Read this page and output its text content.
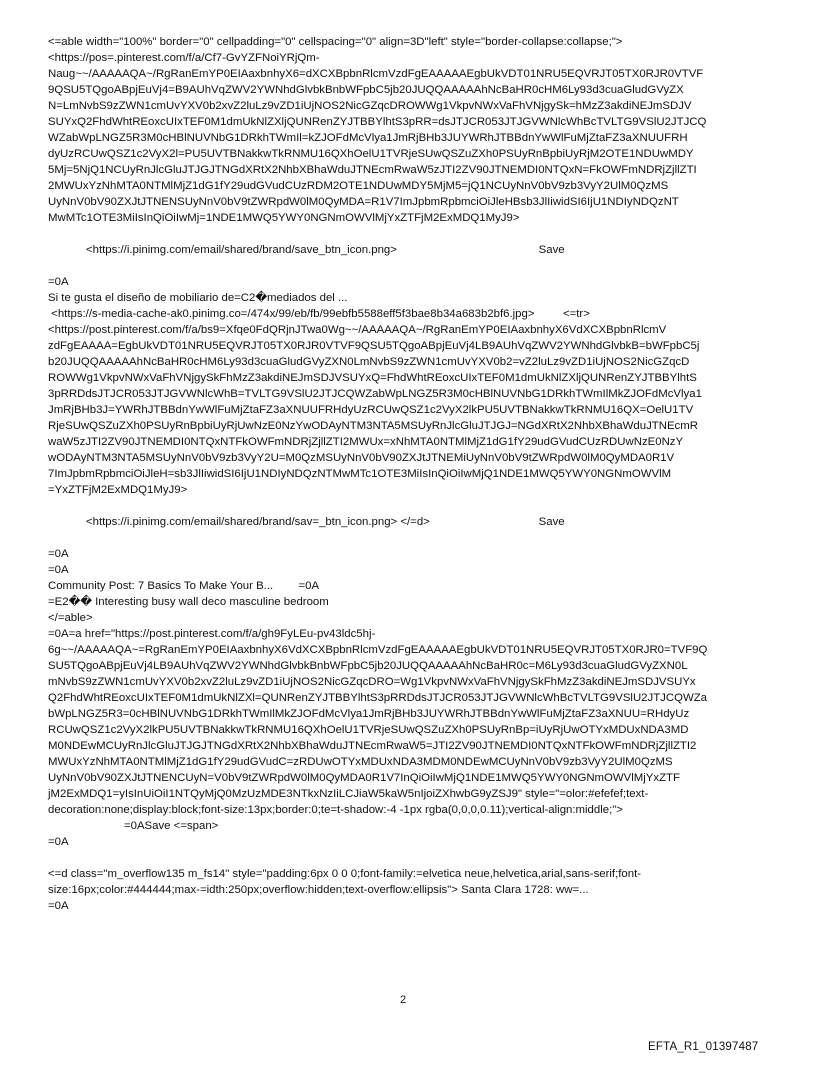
<=able width="100%" border="0" cellpadding="0" cellspacing="0" align=3D"left" style="border-collapse:collapse;">

<https://pos=.pinterest.com/f/a/Cf7-GvYZFNoiYRjQm-
Naug~~/AAAAAQA~/RgRanEmYP0EIAaxbnhyX6=dXCXBpbnRlcmVzdFgEAAAAAEgbUkVDT01NRU5EQVRJT05TX0RJR0VTVF
9QSU5TQgoABpjEuVj4=B9AUhVqZWV2YWNhdGlvbkBnbWFpbC5jb20JUQQAAAAAhNcBaHR0cHM6Ly93d3cuaGludGVyZX
N=LmNvbS9zZWN1cmUvYXV0b2xvZ2luLz9vZD1iUjNOS2NicGZqcDROWWg1VkpvNWxVaFhVNjgySk=hMzZ3akdiNEJmSDJV
SUYxQ2FhdWhtREoxcUIxTEF0M1dmUkNlZXljQUNRenZYJTBBYlhtS3pRR=dsJTJCR053JTJGVWNlcWhBcTVLTG9VSlU2JTJCQ
WZabWpLNGZ5R3M0cHBlNUVNbG1DRkhTWmIl=kZJOFdMcVlya1JmRjBHb3JUYWRhJTBBdnYwWlFuMjZtaFZ3aXNUUFRH
dyUzRCUwQSZ1c2VyX2l=PU5UVTBNakkwTkRNMU16QXhOelU1TVRjeSUwQSZuZXh0PSUyRnBpbiUyRjM2OTE1NDUwMDY
5Mj=5NjQ1NCUyRnJlcGluJTJGJTNGdXRtX2NhbXBhaWduJTNEcmRwaW5zJTI2ZV90JTNEMDI0NTQxN=FkOWFmNDRjZjllZTI
2MWUxYzNhMTA0NTMlMjZ1dG1fY29udGVudCUzRDM2OTE1NDUwMDY5MjM5=jQ1NCUyNnV0bV9zb3VyY2UlM0QzMS
UyNnV0bV90ZXJtJTNENSUyNnV0bV9tZWRpdW0lM0QyMDA=R1V7ImJpbmRpbmciOiJleHBsb3JlIiwidSI6IjU1NDIyNDQzNT
MwMTc1OTE3MiIsInQiOiIwMj=1NDE1MWQ5YWY0NGNmOWVlMjYxZTFjM2ExMDQ1MyJ9>

<https://i.pinimg.com/email/shared/brand/save_btn_icon.png>	Save

=0A

Si te gusta el diseño de mobiliario de=C2�mediados del ...

<https://s-media-cache-ak0.pinimg.co=/474x/99/eb/fb/99ebfb5588eff5f3bae8b34a683b2bf6.jpg>         <=tr>

<https://post.pinterest.com/f/a/bs9=Xfqe0FdQRjnJTwa0Wg~~/AAAAAQA~/RgRanEmYP0EIAaxbnhyX6VdXCXBpbnRlcmV
zdFgEAAAA=EgbUkVDT01NRU5EQVRJT05TX0RJR0VTVF9QSU5TQgoABpjEuVj4LB9AUhVqZWV2YWNhdGlvbkB=bWFpbC5j
b20JUQQAAAAAhNcBaHR0cHM6Ly93d3cuaGludGVyZXN0LmNvbS9zZWN1cmUvYXV0b2=vZ2luLz9vZD1iUjNOS2NicGZqcD
ROWWg1VkpvNWxVaFhVNjgySkFhMzZ3akdiNEJmSDJVSUYxQ=FhdWhtREoxcUIxTEF0M1dmUkNlZXljQUNRenZYJTBBYlhtS
3pRRDdsJTJCR053JTJGVWNlcWhB=TVLTG9VSlU2JTJCQWZabWpLNGZ5R3M0cHBlNUVNbG1DRkhTWmIlMkZJOFdMcVlya1
JmRjBHb3J=YWRhJTBBdnYwWlFuMjZtaFZ3aXNUUFRHdyUzRCUwQSZ1c2VyX2lkPU5UVTBNakkwTkRNMU16QX=OelU1TV
RjeSUwQSZuZXh0PSUyRnBpbiUyRjUwNzE0NzYwODAyNTM3NTA5MSUyRnJlcGluJTJGJ=NGdXRtX2NhbXBhaWduJTNEcmR
waW5zJTI2ZV90JTNEMDI0NTQxNTFkOWFmNDRjZjllZTI2MWUx=xNhMTA0NTMlMjZ1dG1fY29udGVudCUzRDUwNzE0NzY
wODAyNTM3NTA5MSUyNnV0bV9zb3VyY2U=M0QzMSUyNnV0bV90ZXJtJTNEMiUyNnV0bV9tZWRpdW0lM0QyMDA0R1V
7ImJpbmRpbmciOiJleH=sb3JlIiwidSI6IjU1NDIyNDQzNTMwMTc1OTE3MiIsInQiOiIwMjQ1NDE1MWQ5YWY0NGNmOWVlM
=YxZTFjM2ExMDQ1MyJ9>

<https://i.pinimg.com/email/shared/brand/sav=_btn_icon.png> </=d>	Save

=0A

=0A

Community Post: 7 Basics To Make Your B...        =0A

=E2�� Interesting busy wall deco masculine bedroom

</=able>

=0A=a href="https://post.pinterest.com/f/a/gh9FyLEu-pv43ldc5hj-
6g~~/AAAAAQA~=RgRanEmYP0EIAaxbnhyX6VdXCXBpbnRlcmVzdFgEAAAAAEgbUkVDT01NRU5EQVRJT05TX0RJR0=TVF9Q
SU5TQgoABpjEuVj4LB9AUhVqZWV2YWNhdGlvbkBnbWFpbC5jb20JUQQAAAAAhNcBaHR0c=M6Ly93d3cuaGludGVyZXN0L
mNvbS9zZWN1cmUvYXV0b2xvZ2luLz9vZD1iUjNOS2NicGZqcDRO=Wg1VkpvNWxVaFhVNjgySkFhMzZ3akdiNEJmSDJVSUYx
Q2FhdWhtREoxcUIxTEF0M1dmUkNlZXl=QUNRenZYJTBBYlhtS3pRRDdsJTJCR053JTJGVWNlcWhBcTVLTG9VSlU2JTJCQWZa
bWpLNGZ5R3=0cHBlNUVNbG1DRkhTWmIlMkZJOFdMcVlya1JmRjBHb3JUYWRhJTBBdnYwWlFuMjZtaFZ3aXNUU=RHdyUz
RCUwQSZ1c2VyX2lkPU5UVTBNakkwTkRNMU16QXhOelU1TVRjeSUwQSZuZXh0PSUyRnBp=iUyRjUwOTYxMDUxNDA3MD
M0NDEwMCUyRnJlcGluJTJGJTNGdXRtX2NhbXBhaWduJTNEcmRwaW5=JTI2ZV90JTNEMDI0NTQxNTFkOWFmNDRjZjllZTI2
MWUxYzNhMTA0NTMlMjZ1dG1fY29udGVudC=zRDUwOTYxMDUxNDA3MDM0NDEwMCUyNnV0bV9zb3VyY2UlM0QzMS
UyNnV0bV90ZXJtJTNENCUyN=V0bV9tZWRpdW0lM0QyMDA0R1V7InQiOiIwMjQ1NDE1MWQ5YWY0NGNmOWVlMjYxZTF
jM2ExMDQ1=yIsInUiOiI1NTQyMjQ0MzUzMDE3NTkxNzIiLCJiaW5kaW5nIjoiZXhwbG9yZSJ9" style="=olor:#efefef;text-
decoration:none;display:block;font-size:13px;border:0;te=t-shadow:-4 -1px rgba(0,0,0,0.11);vertical-align:middle;">
=0ASave <=span>

=0A

<=d class="m_overflow135 m_fs14" style="padding:6px 0 0 0;font-family:=elvetica neue,helvetica,arial,sans-serif;font-
size:16px;color:#444444;max-=idth:250px;overflow:hidden;text-overflow:ellipsis"> Santa Clara 1728: ww=...

=0A

2
EFTA_R1_01397487
